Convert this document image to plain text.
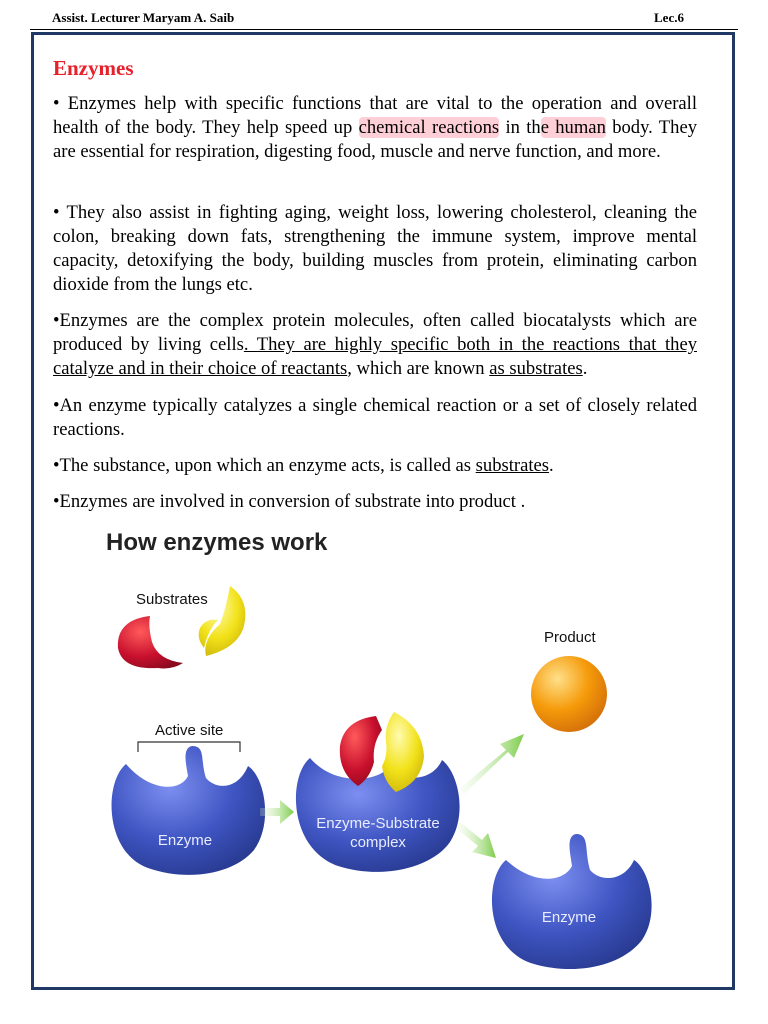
Assist. Lecturer Maryam A. Saib	Lec.6
Enzymes

• Enzymes help with specific functions that are vital to the operation and overall health of the body. They help speed up chemical reactions in the human body. They are essential for respiration, digesting food, muscle and nerve function, and more.

• They also assist in fighting aging, weight loss, lowering cholesterol, cleaning the colon, breaking down fats, strengthening the immune system, improve mental capacity, detoxifying the body, building muscles from protein, eliminating carbon dioxide from the lungs etc.

•Enzymes are the complex protein molecules, often called biocatalysts which are produced by living cells. They are highly specific both in the reactions that they catalyze and in their choice of reactants, which are known as substrates.

•An enzyme typically catalyzes a single chemical reaction or a set of closely related reactions.

•The substance, upon which an enzyme acts, is called as substrates.

•Enzymes are involved in conversion of substrate into product .

How enzymes work
Substrates
Active site
Enzyme
Enzyme-Substrate
complex
Product
Enzyme
